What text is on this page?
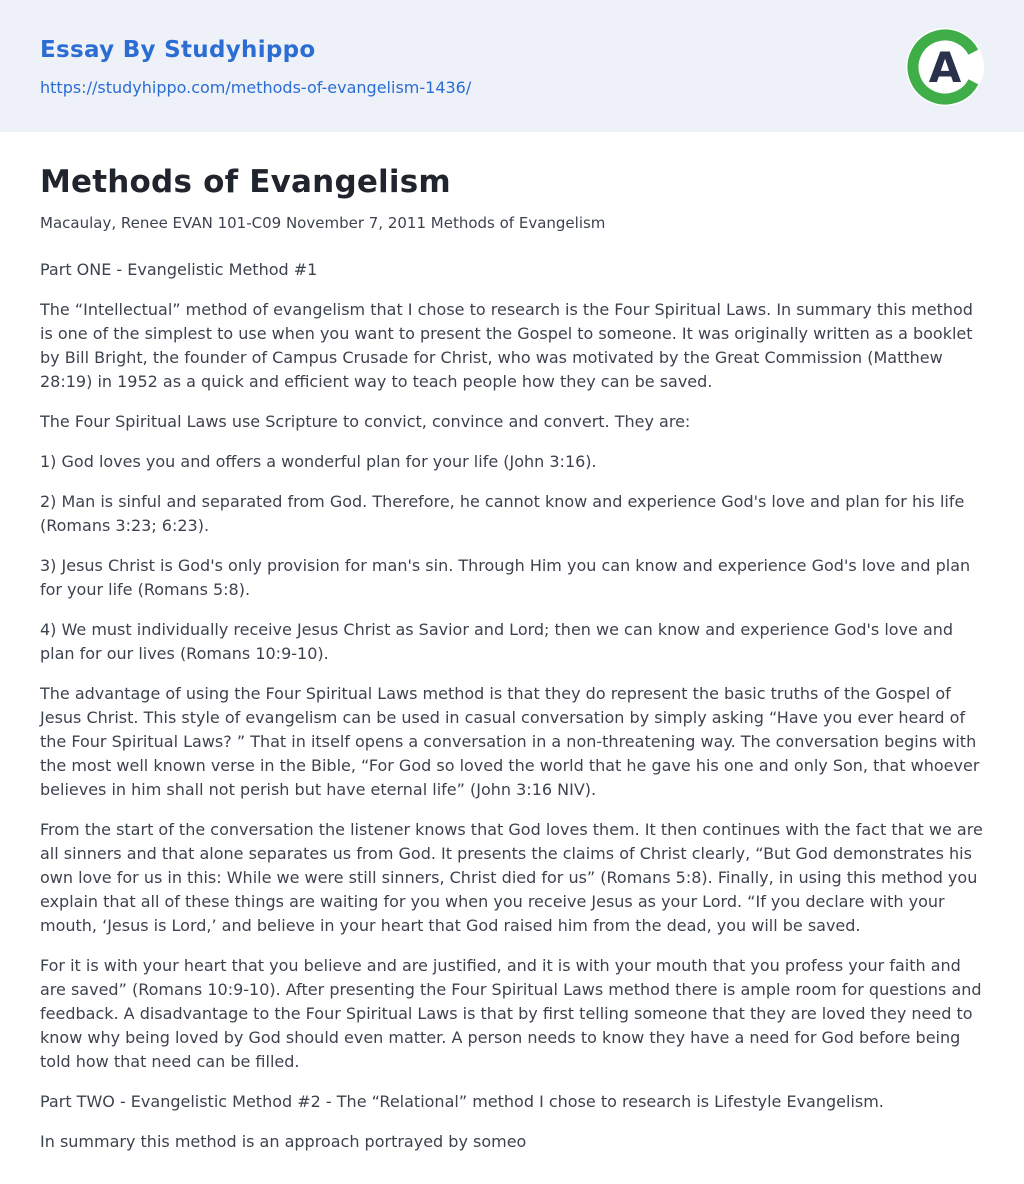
Essay By Studyhippo
https://studyhippo.com/methods-of-evangelism-1436/	A
Methods of Evangelism

Macaulay, Renee EVAN 101-C09 November 7, 2011 Methods of Evangelism

Part ONE - Evangelistic Method #1

The “Intellectual” method of evangelism that I chose to research is the Four Spiritual Laws. In summary this method is one of the simplest to use when you want to present the Gospel to someone. It was originally written as a booklet by Bill Bright, the founder of Campus Crusade for Christ, who was motivated by the Great Commission (Matthew 28:19) in 1952 as a quick and efficient way to teach people how they can be saved.

The Four Spiritual Laws use Scripture to convict, convince and convert. They are:

1) God loves you and offers a wonderful plan for your life (John 3:16).

2) Man is sinful and separated from God. Therefore, he cannot know and experience God's love and plan for his life (Romans 3:23; 6:23).

3) Jesus Christ is God's only provision for man's sin. Through Him you can know and experience God's love and plan for your life (Romans 5:8).

4) We must individually receive Jesus Christ as Savior and Lord; then we can know and experience God's love and plan for our lives (Romans 10:9-10).

The advantage of using the Four Spiritual Laws method is that they do represent the basic truths of the Gospel of Jesus Christ. This style of evangelism can be used in casual conversation by simply asking “Have you ever heard of the Four Spiritual Laws? ” That in itself opens a conversation in a non-threatening way. The conversation begins with the most well known verse in the Bible, “For God so loved the world that he gave his one and only Son, that whoever believes in him shall not perish but have eternal life” (John 3:16 NIV).

From the start of the conversation the listener knows that God loves them. It then continues with the fact that we are all sinners and that alone separates us from God. It presents the claims of Christ clearly, “But God demonstrates his own love for us in this: While we were still sinners, Christ died for us” (Romans 5:8). Finally, in using this method you explain that all of these things are waiting for you when you receive Jesus as your Lord. “If you declare with your mouth, ‘Jesus is Lord,’ and believe in your heart that God raised him from the dead, you will be saved.

For it is with your heart that you believe and are justified, and it is with your mouth that you profess your faith and are saved” (Romans 10:9-10). After presenting the Four Spiritual Laws method there is ample room for questions and feedback. A disadvantage to the Four Spiritual Laws is that by first telling someone that they are loved they need to know why being loved by God should even matter. A person needs to know they have a need for God before being told how that need can be filled.

Part TWO - Evangelistic Method #2 - The “Relational” method I chose to research is Lifestyle Evangelism.

In summary this method is an approach portrayed by someo
